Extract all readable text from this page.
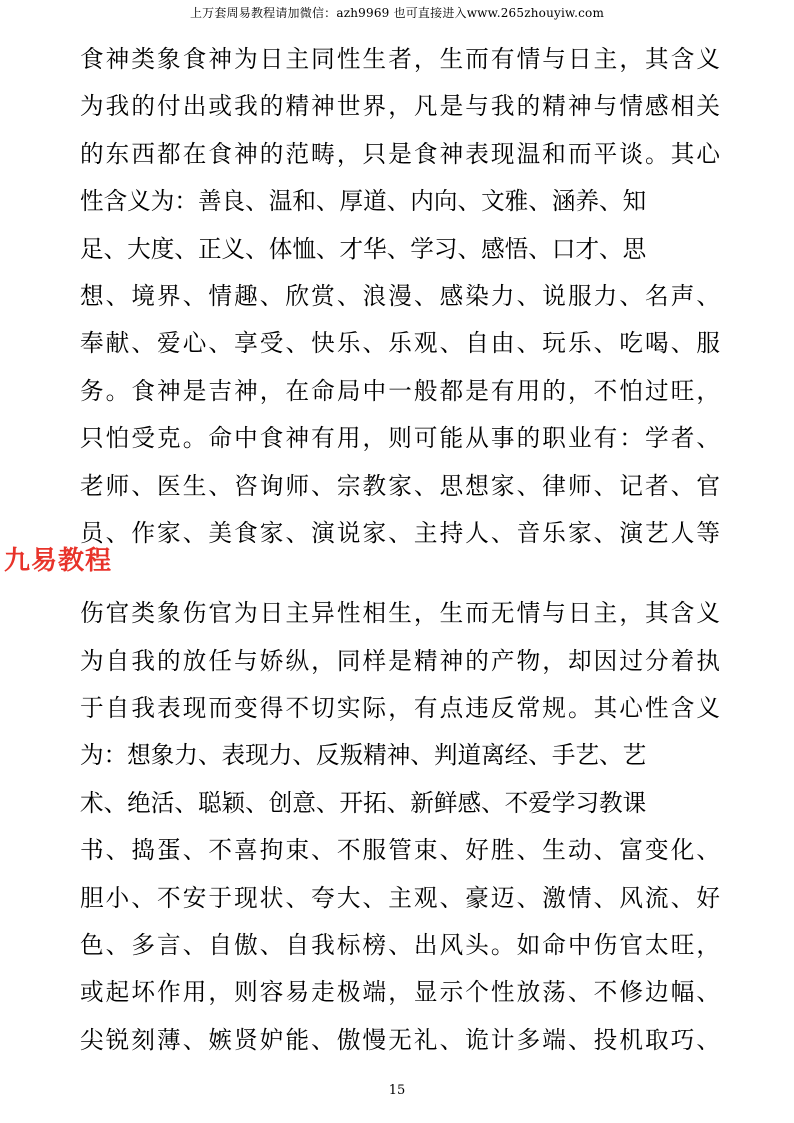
上万套周易教程请加微信：azh9969 也可直接进入www.265zhouyiw.com
食神类象食神为日主同性生者，生而有情与日主，其含义
为我的付出或我的精神世界，凡是与我的精神与情感相关
的东西都在食神的范畴，只是食神表现温和而平谈。其心
性含义为：善良、温和、厚道、内向、文雅、涵养、知
足、大度、正义、体恤、才华、学习、感悟、口才、思
想、境界、情趣、欣赏、浪漫、感染力、说服力、名声、
奉献、爱心、享受、快乐、乐观、自由、玩乐、吃喝、服
务。食神是吉神，在命局中一般都是有用的，不怕过旺，
只怕受克。命中食神有用，则可能从事的职业有：学者、
老师、医生、咨询师、宗教家、思想家、律师、记者、官
员、作家、美食家、演说家、主持人、音乐家、演艺人等
伤官类象伤官为日主异性相生，生而无情与日主，其含义
为自我的放任与娇纵，同样是精神的产物，却因过分着执
于自我表现而变得不切实际，有点违反常规。其心性含义
为：想象力、表现力、反叛精神、判道离经、手艺、艺
术、绝活、聪颖、创意、开拓、新鲜感、不爱学习教课
书、捣蛋、不喜拘束、不服管束、好胜、生动、富变化、
胆小、不安于现状、夸大、主观、豪迈、激情、风流、好
色、多言、自傲、自我标榜、出风头。如命中伤官太旺，
或起坏作用，则容易走极端，显示个性放荡、不修边幅、
尖锐刻薄、嫉贤妒能、傲慢无礼、诡计多端、投机取巧、
九易教程
15
